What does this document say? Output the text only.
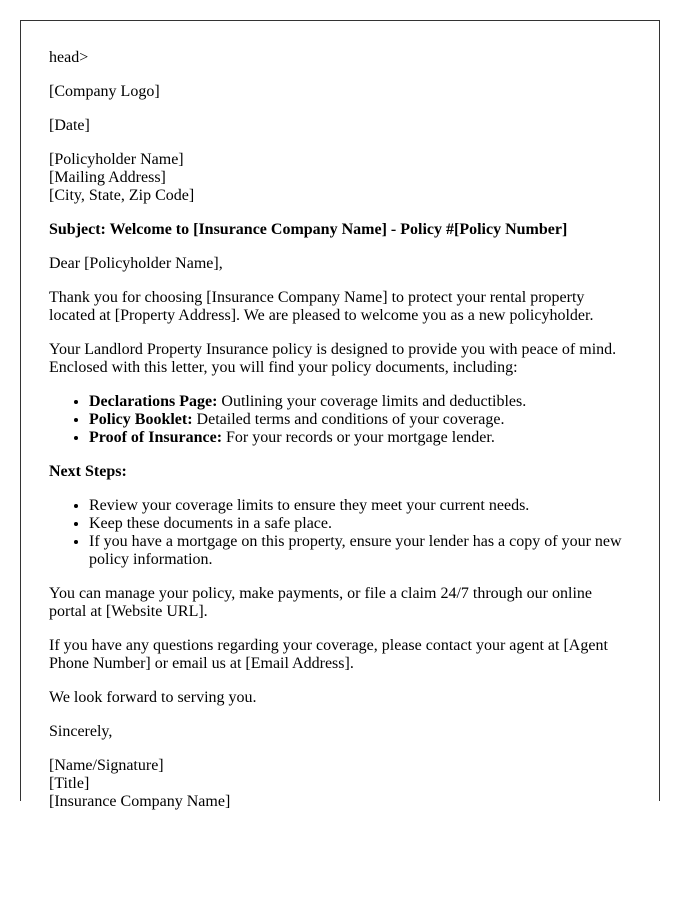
head>

[Company Logo]

[Date]

[Policyholder Name]
[Mailing Address]
[City, State, Zip Code]

Subject: Welcome to [Insurance Company Name] - Policy #[Policy Number]

Dear [Policyholder Name],

Thank you for choosing [Insurance Company Name] to protect your rental property located at [Property Address]. We are pleased to welcome you as a new policyholder.

Your Landlord Property Insurance policy is designed to provide you with peace of mind. Enclosed with this letter, you will find your policy documents, including:

• Declarations Page: Outlining your coverage limits and deductibles.
• Policy Booklet: Detailed terms and conditions of your coverage.
• Proof of Insurance: For your records or your mortgage lender.

Next Steps:

• Review your coverage limits to ensure they meet your current needs.
• Keep these documents in a safe place.
• If you have a mortgage on this property, ensure your lender has a copy of your new policy information.

You can manage your policy, make payments, or file a claim 24/7 through our online portal at [Website URL].

If you have any questions regarding your coverage, please contact your agent at [Agent Phone Number] or email us at [Email Address].

We look forward to serving you.

Sincerely,

[Name/Signature]
[Title]
[Insurance Company Name]
